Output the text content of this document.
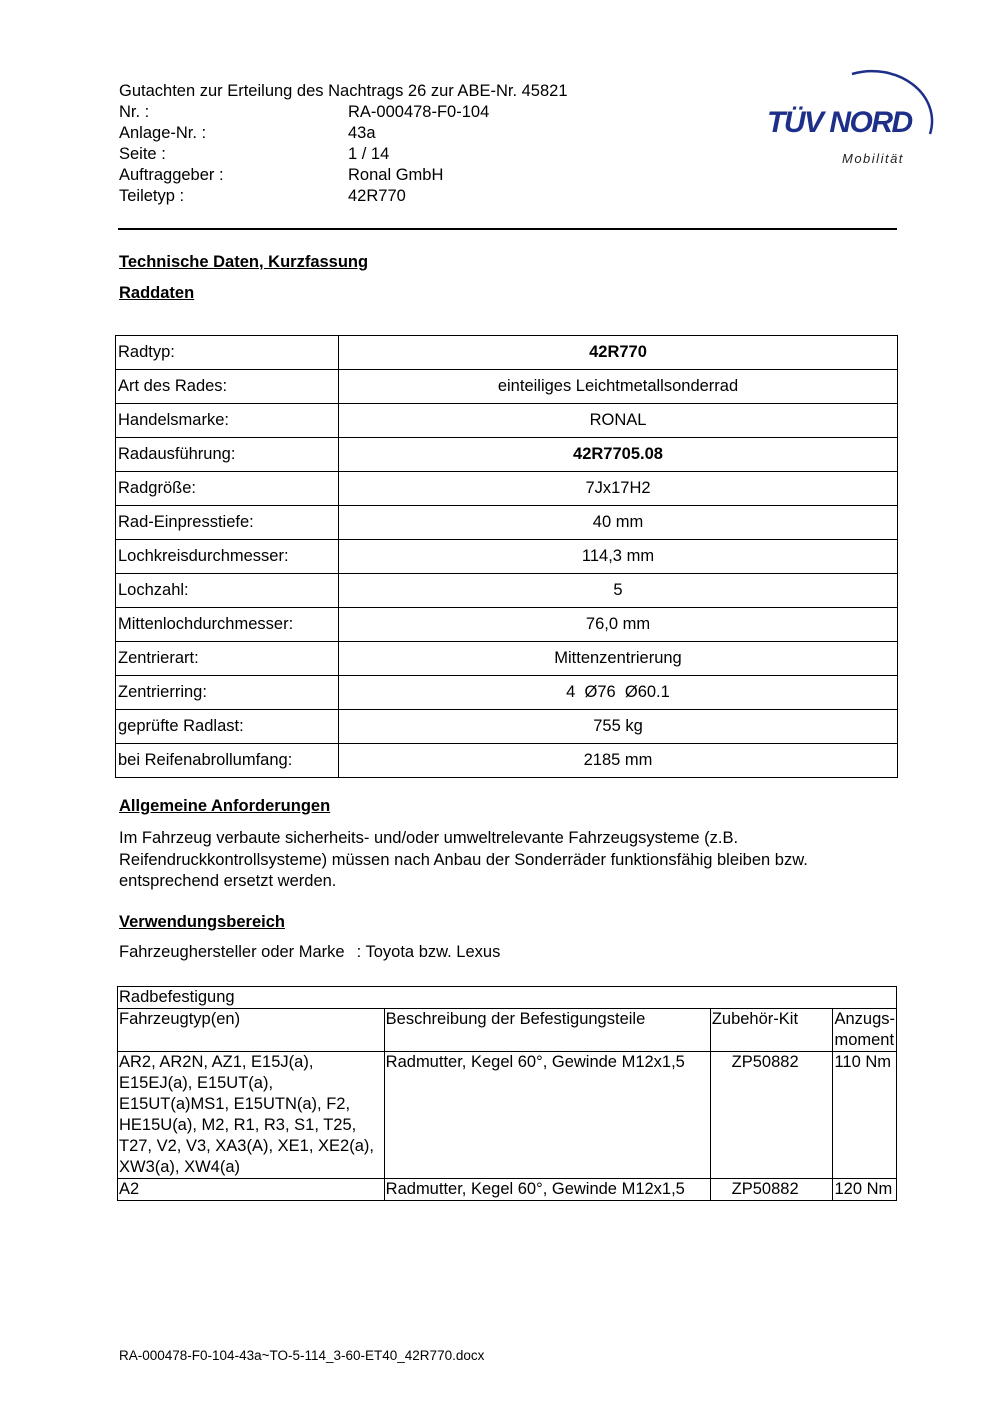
Gutachten zur Erteilung des Nachtrags 26 zur ABE-Nr. 45821
Nr. :	RA-000478-F0-104
Anlage-Nr. :	43a
Seite :	1 / 14
Auftraggeber :	Ronal GmbH
Teiletyp :	42R770
TÜV NORD
Mobilität
Technische Daten, Kurzfassung
Raddaten
Radtyp:	42R770
Art des Rades:	einteiliges Leichtmetallsonderrad
Handelsmarke:	RONAL
Radausführung:	42R7705.08
Radgröße:	7Jx17H2
Rad-Einpresstiefe:	40 mm
Lochkreisdurchmesser:	114,3 mm
Lochzahl:	5
Mittenlochdurchmesser:	76,0 mm
Zentrierart:	Mittenzentrierung
Zentrierring:	4  Ø76  Ø60.1
geprüfte Radlast:	755 kg
bei Reifenabrollumfang:	2185 mm
Allgemeine Anforderungen
Im Fahrzeug verbaute sicherheits- und/oder umweltrelevante Fahrzeugsysteme (z.B. Reifendruckkontrollsysteme) müssen nach Anbau der Sonderräder funktionsfähig bleiben bzw. entsprechend ersetzt werden.
Verwendungsbereich
Fahrzeughersteller oder Marke : Toyota bzw. Lexus
Radbefestigung			
Fahrzeugtyp(en)	Beschreibung der Befestigungsteile	Zubehör-Kit	Anzugs-moment
AR2, AR2N, AZ1, E15J(a), E15EJ(a), E15UT(a), E15UT(a)MS1, E15UTN(a), F2, HE15U(a), M2, R1, R3, S1, T25, T27, V2, V3, XA3(A), XE1, XE2(a), XW3(a), XW4(a)	Radmutter, Kegel 60°, Gewinde M12x1,5	ZP50882	110 Nm
A2	Radmutter, Kegel 60°, Gewinde M12x1,5	ZP50882	120 Nm
RA-000478-F0-104-43a~TO-5-114_3-60-ET40_42R770.docx
